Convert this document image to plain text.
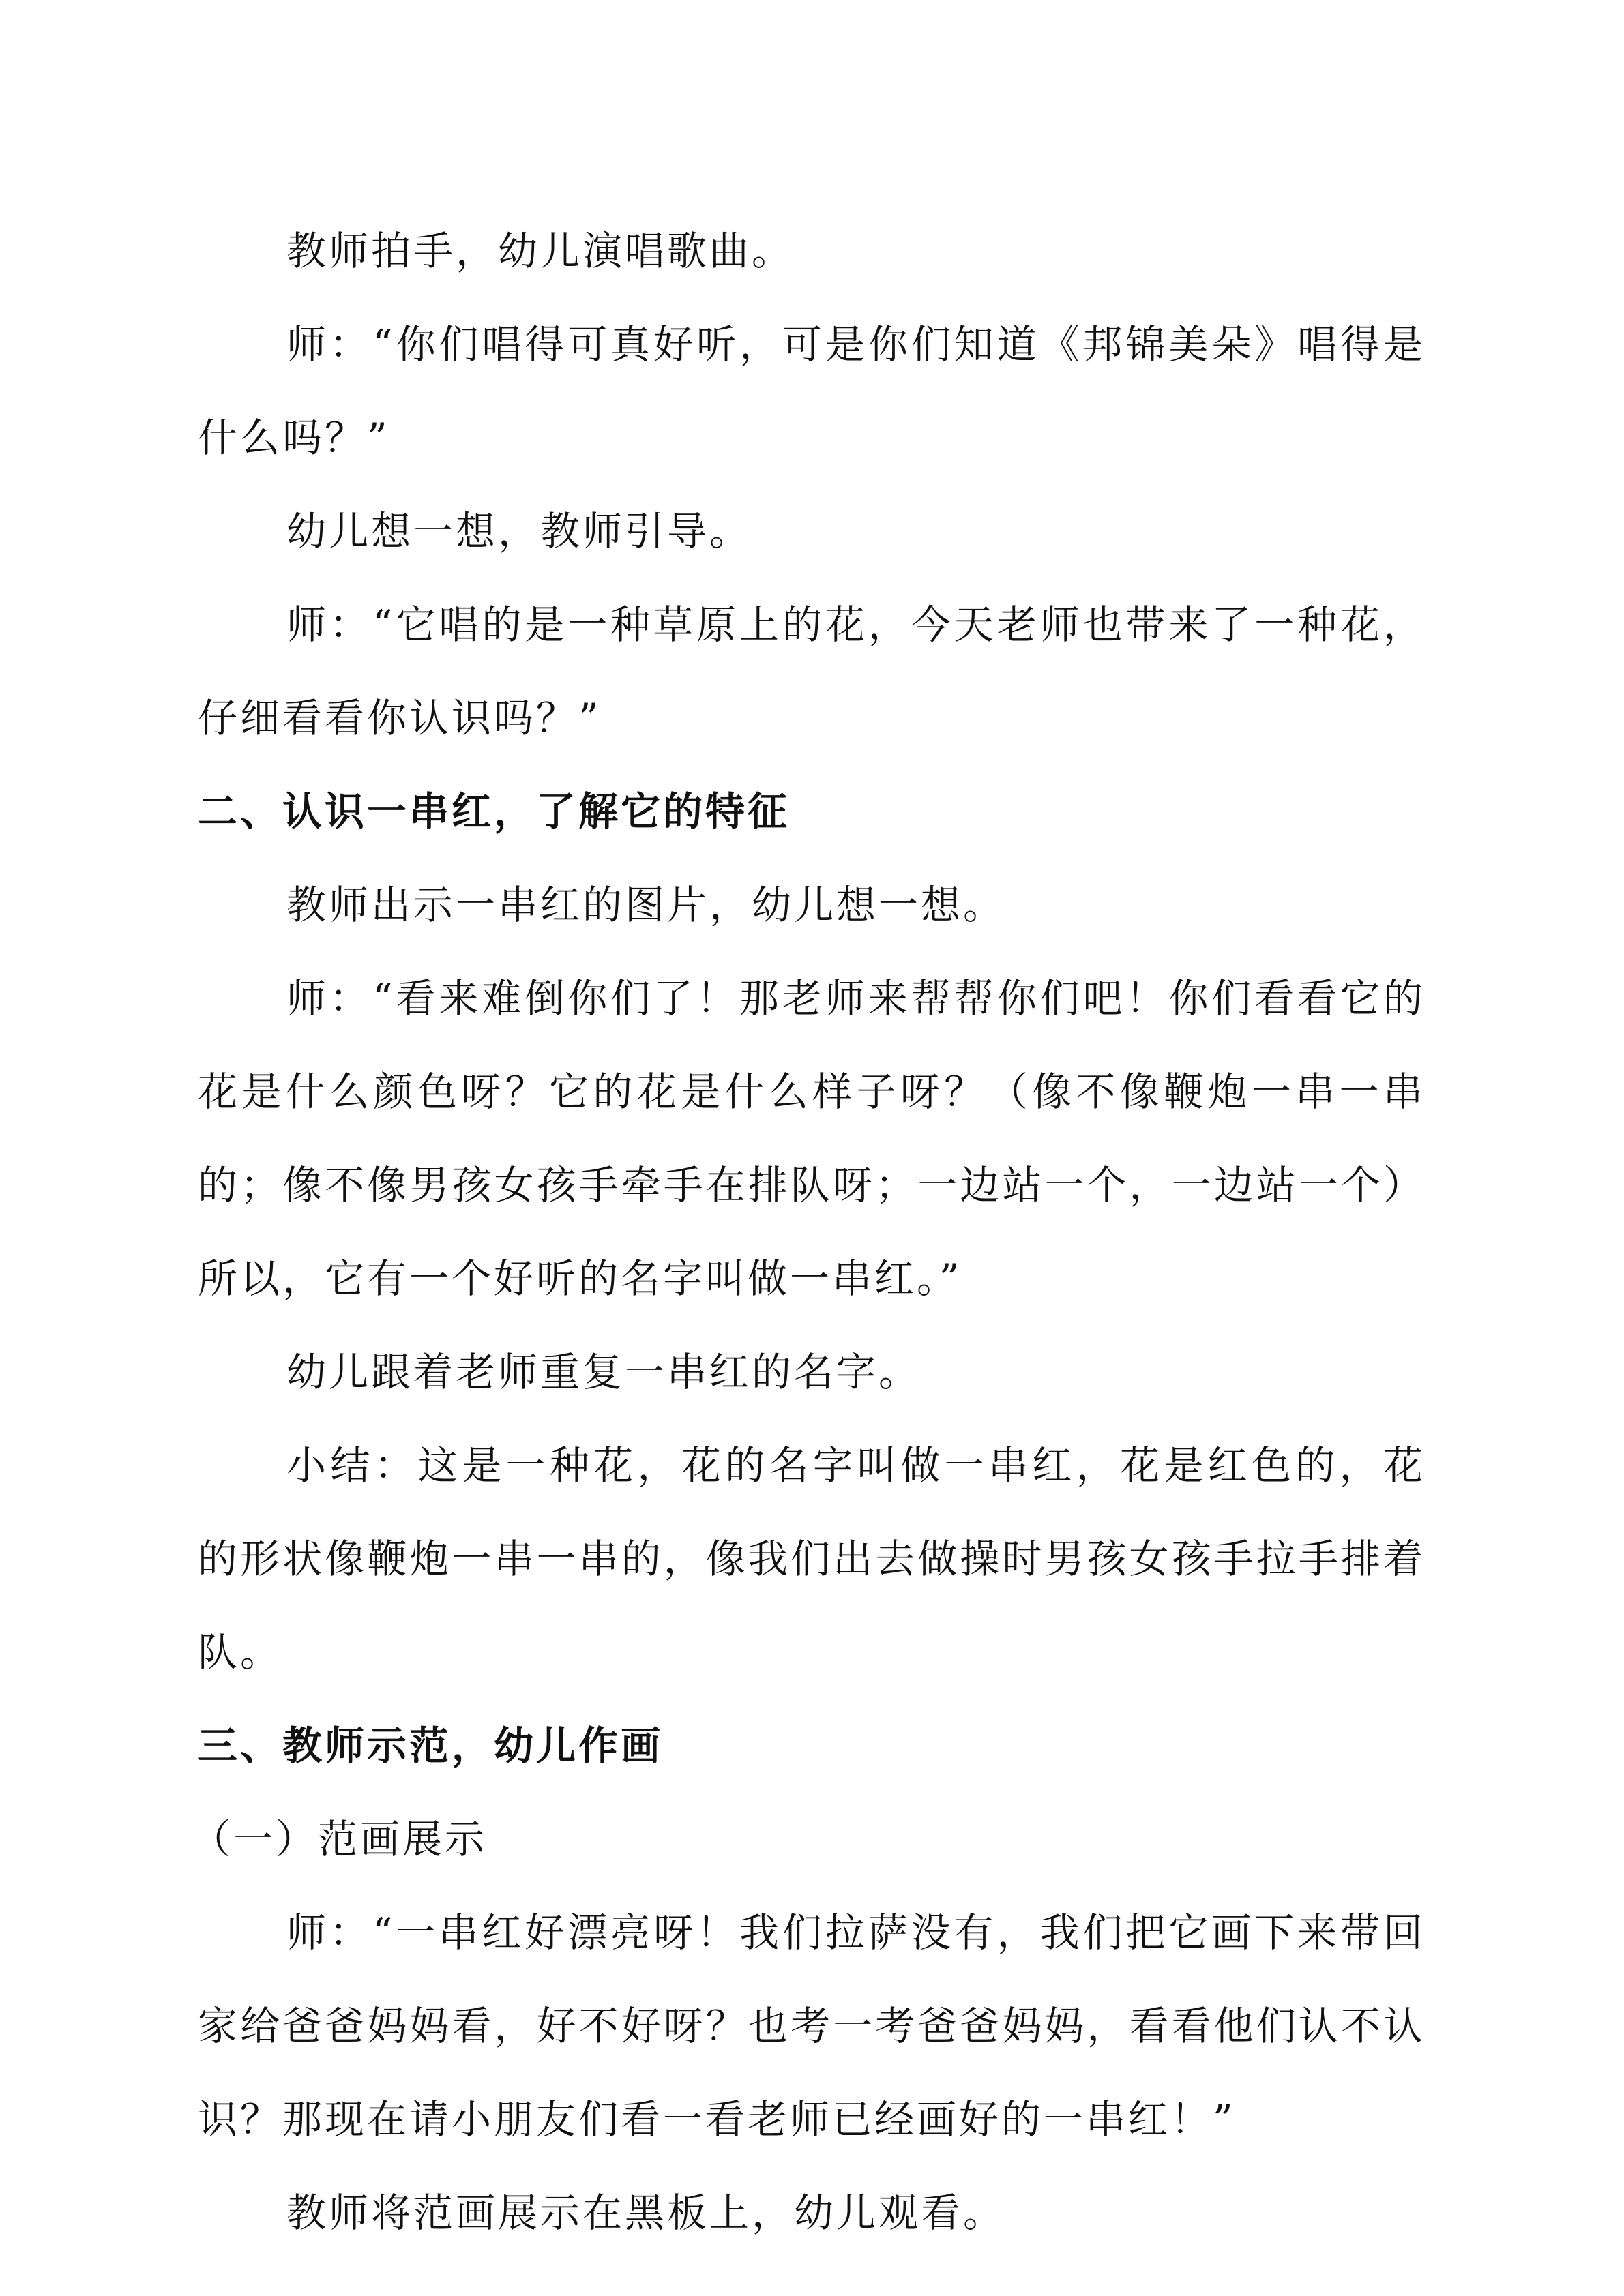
教师拍手，幼儿演唱歌曲。

师：“你们唱得可真好听，可是你们知道《邦锦美朵》唱得是什么吗？”

幼儿想一想，教师引导。

师：“它唱的是一种草原上的花，今天老师也带来了一种花，仔细看看你认识吗？”

二、认识一串红，了解它的特征

教师出示一串红的图片，幼儿想一想。

师：“看来难倒你们了！那老师来帮帮你们吧！你们看看它的花是什么颜色呀？它的花是什么样子呀？（像不像鞭炮一串一串的；像不像男孩女孩手牵手在排队呀；一边站一个，一边站一个）所以，它有一个好听的名字叫做一串红。”

幼儿跟着老师重复一串红的名字。

小结：这是一种花，花的名字叫做一串红，花是红色的，花的形状像鞭炮一串一串的，像我们出去做操时男孩女孩手拉手排着队。

三、教师示范，幼儿作画

（一）范画展示

师：“一串红好漂亮呀！我们拉萨没有，我们把它画下来带回家给爸爸妈妈看，好不好呀？也考一考爸爸妈妈，看看他们认不认识？那现在请小朋友们看一看老师已经画好的一串红！”

教师将范画展示在黑板上，幼儿观看。
